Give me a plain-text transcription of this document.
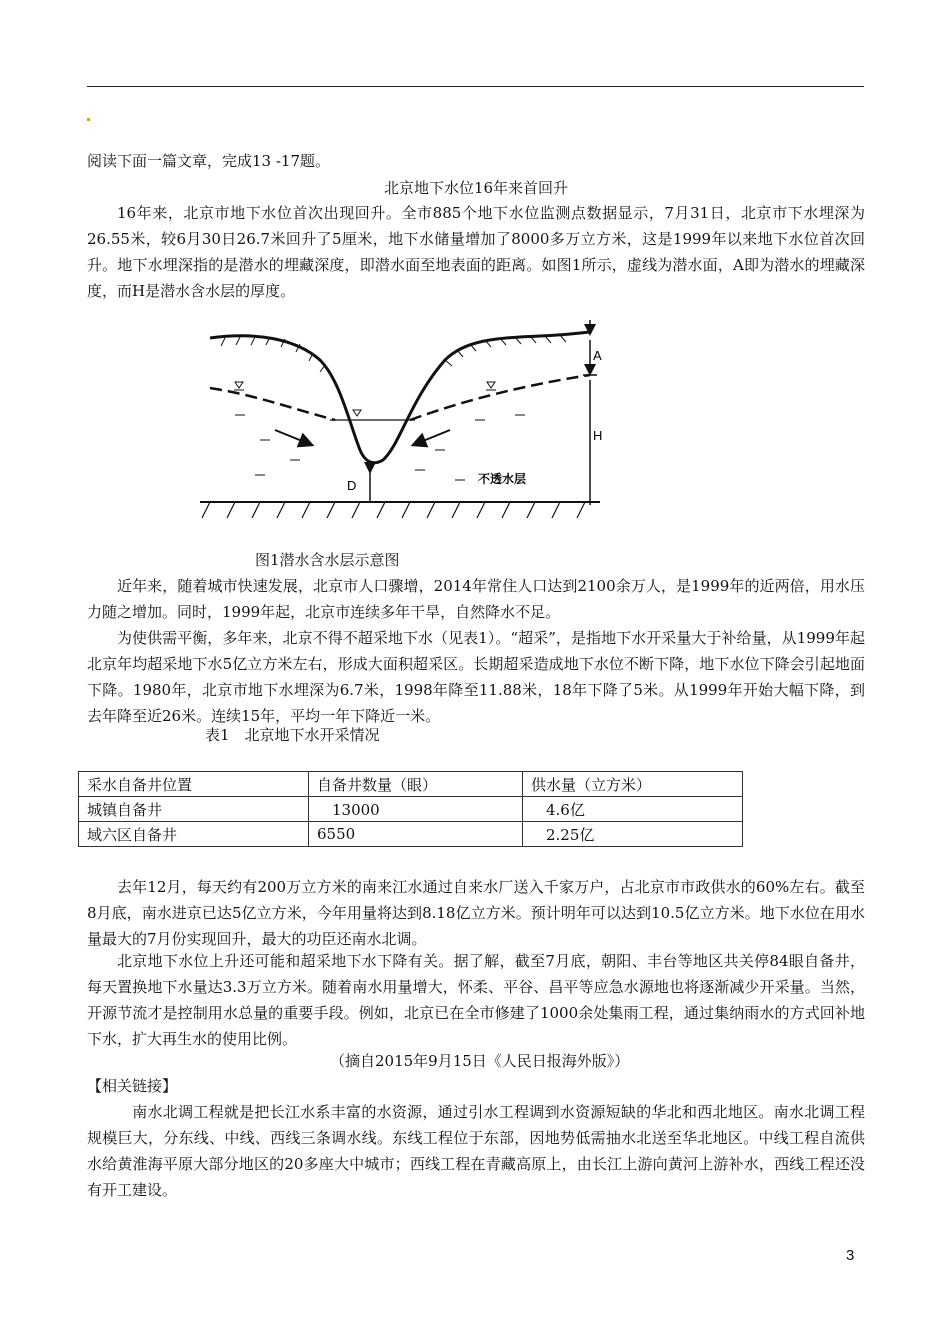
阅读下面一篇文章，完成13 -17题。
北京地下水位16年来首回升
16年来，北京市地下水位首次出现回升。全市885个地下水位监测点数据显示，7月31日，北京市下水埋深为26.55米，较6月30日26.7米回升了5厘米，地下水储量增加了8000多万立方米，这是1999年以来地下水位首次回升。地下水埋深指的是潜水的埋藏深度，即潜水面至地表面的距离。如图1所示，虚线为潜水面，A即为潜水的埋藏深度，而H是潜水含水层的厚度。
A
H
D	不透水层
图1潜水含水层示意图
近年来，随着城市快速发展，北京市人口骤增，2014年常住人口达到2100余万人，是1999年的近两倍，用水压力随之增加。同时，1999年起，北京市连续多年干旱，自然降水不足。
为使供需平衡，多年来，北京不得不超采地下水（见表1）。“超采”，是指地下水开采量大于补给量，从1999年起北京年均超采地下水5亿立方米左右，形成大面积超采区。长期超采造成地下水位不断下降，地下水位下降会引起地面下降。1980年，北京市地下水埋深为6.7米，1998年降至11.88米，18年下降了5米。从1999年开始大幅下降，到去年降至近26米。连续15年，平均一年下降近一米。
表1　北京地下水开采情况
采水自备井位置	自备井数量（眼）	供水量（立方米）
城镇自备井	　13000	　4.6亿
域六区自备井	6550	　2.25亿
去年12月，每天约有200万立方米的南来江水通过自来水厂送入千家万户，占北京市市政供水的60%左右。截至8月底，南水进京已达5亿立方米，今年用量将达到8.18亿立方米。预计明年可以达到10.5亿立方米。地下水位在用水量最大的7月份实现回升，最大的功臣还南水北调。
北京地下水位上升还可能和超采地下水下降有关。据了解，截至7月底，朝阳、丰台等地区共关停84眼自备井，每天置换地下水量达3.3万立方米。随着南水用量增大，怀柔、平谷、昌平等应急水源地也将逐渐减少开采量。当然，开源节流才是控制用水总量的重要手段。例如，北京已在全市修建了1000余处集雨工程，通过集纳雨水的方式回补地下水，扩大再生水的使用比例。
（摘自2015年9月15日《人民日报海外版》）
【相关链接】
　南水北调工程就是把长江水系丰富的水资源，通过引水工程调到水资源短缺的华北和西北地区。南水北调工程规模巨大，分东线、中线、西线三条调水线。东线工程位于东部，因地势低需抽水北送至华北地区。中线工程自流供水给黄淮海平原大部分地区的20多座大中城市；西线工程在青藏高原上，由长江上游向黄河上游补水，西线工程还没有开工建设。
3
